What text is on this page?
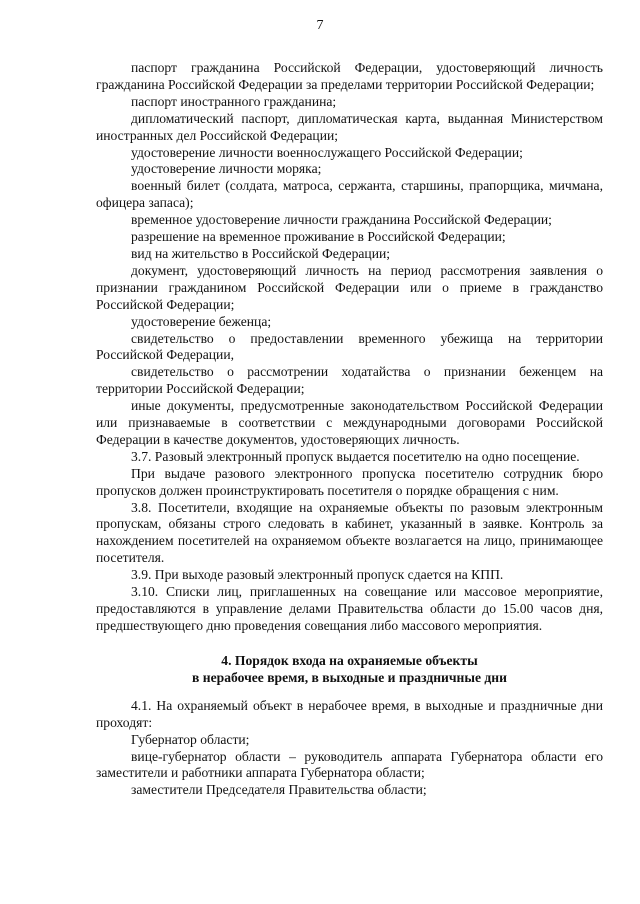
7

паспорт гражданина Российской Федерации, удостоверяющий личность гражданина Российской Федерации за пределами территории Российской Федерации;

паспорт иностранного гражданина;

дипломатический паспорт, дипломатическая карта, выданная Министерством иностранных дел Российской Федерации;

удостоверение личности военнослужащего Российской Федерации;

удостоверение личности моряка;

военный билет (солдата, матроса, сержанта, старшины, прапорщика, мичмана, офицера запаса);

временное удостоверение личности гражданина Российской Федерации;

разрешение на временное проживание в Российской Федерации;

вид на жительство в Российской Федерации;

документ, удостоверяющий личность на период рассмотрения заявления о признании гражданином Российской Федерации или о приеме в гражданство Российской Федерации;

удостоверение беженца;

свидетельство о предоставлении временного убежища на территории Российской Федерации,

свидетельство о рассмотрении ходатайства о признании беженцем на территории Российской Федерации;

иные документы, предусмотренные законодательством Российской Федерации или признаваемые в соответствии с международными договорами Российской Федерации в качестве документов, удостоверяющих личность.

3.7. Разовый электронный пропуск выдается посетителю на одно посещение.

При выдаче разового электронного пропуска посетителю сотрудник бюро пропусков должен проинструктировать посетителя о порядке обращения с ним.

3.8. Посетители, входящие на охраняемые объекты по разовым электронным пропускам, обязаны строго следовать в кабинет, указанный в заявке. Контроль за нахождением посетителей на охраняемом объекте возлагается на лицо, принимающее посетителя.

3.9. При выходе разовый электронный пропуск сдается на КПП.

3.10. Списки лиц, приглашенных на совещание или массовое мероприятие, предоставляются в управление делами Правительства области до 15.00 часов дня, предшествующего дню проведения совещания либо массового мероприятия.

4. Порядок входа на охраняемые объекты
в нерабочее время, в выходные и праздничные дни

4.1. На охраняемый объект в нерабочее время, в выходные и праздничные дни проходят:

Губернатор области;

вице-губернатор области – руководитель аппарата Губернатора области его заместители и работники аппарата Губернатора области;

заместители Председателя Правительства области;
